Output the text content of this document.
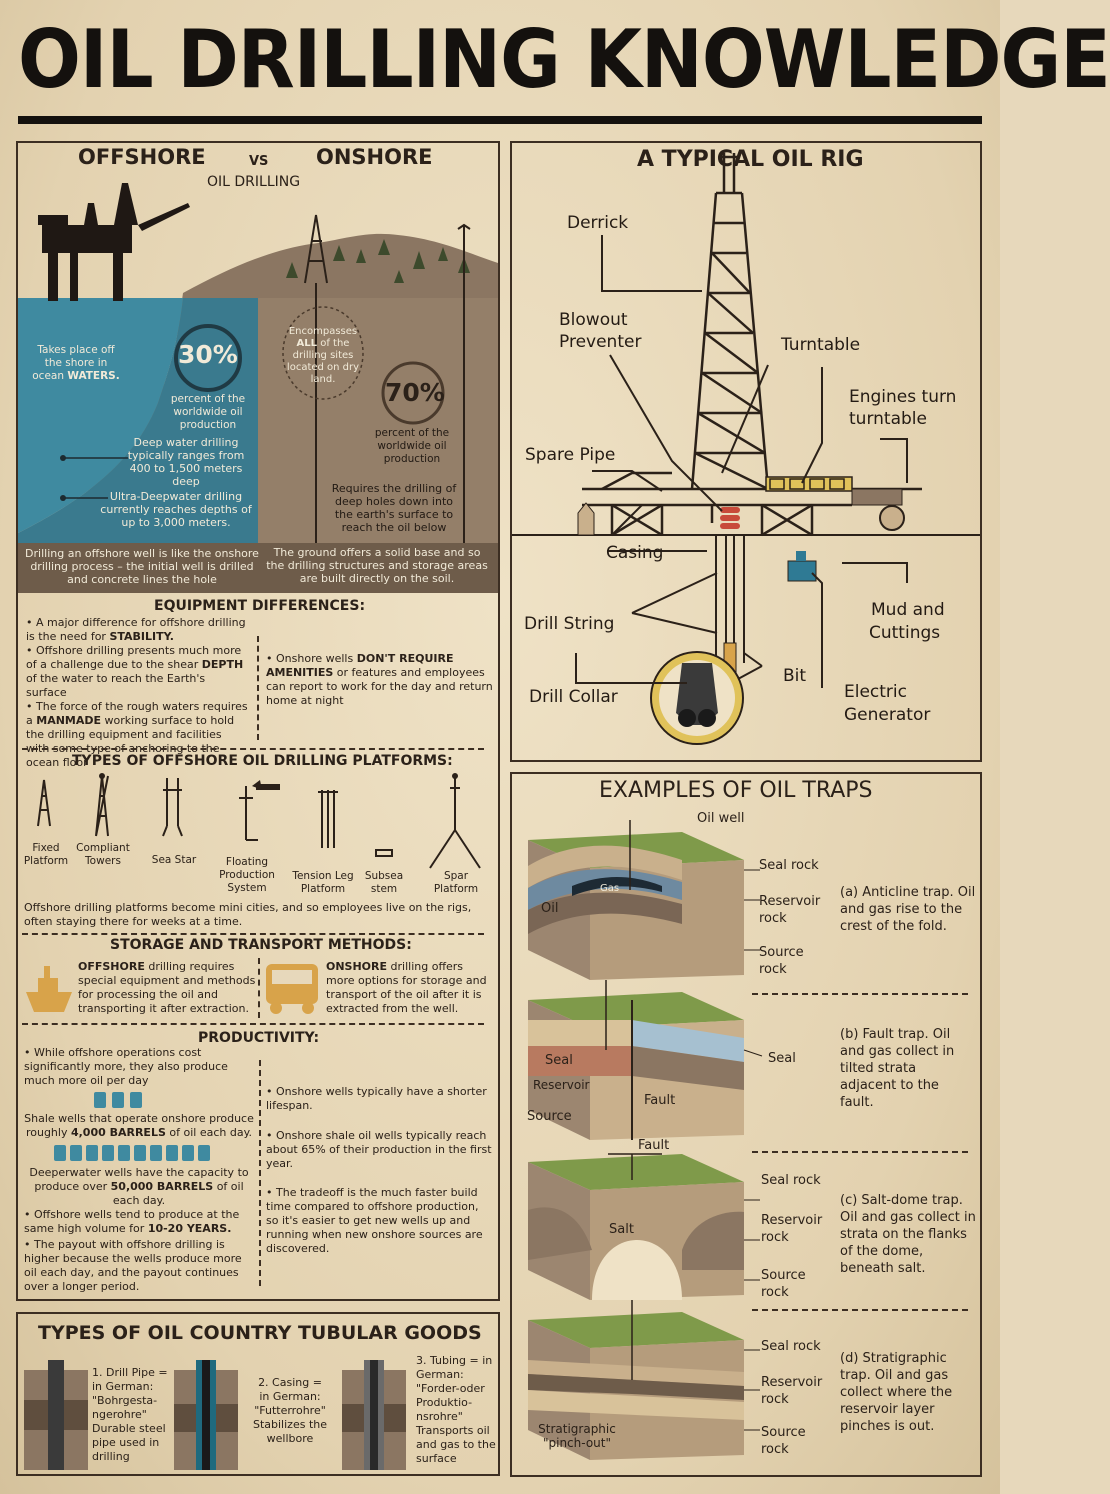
OIL DRILLING KNOWLEDGE
OFFSHORE	VS ONSHORE
OIL DRILLING
Takes place off the shore in ocean WATERS.
30%
percent of the worldwide oil production
Deep water drilling typically ranges from 400 to 1,500 meters deep
Ultra-Deepwater drilling currently reaches depths of up to 3,000 meters.
Encompasses ALL of the drilling sites located on dry land.	70%
percent of the worldwide oil production
Requires the drilling of deep holes down into the earth's surface to reach the oil below
Drilling an offshore well is like the onshore drilling process – the initial well is drilled and concrete lines the hole
The ground offers a solid base and so the drilling structures and storage areas are built directly on the soil.
EQUIPMENT DIFFERENCES:
• A major difference for offshore drilling is the need for STABILITY.
• Offshore drilling presents much more of a challenge due to the shear DEPTH of the water to reach the Earth's surface
• The force of the rough waters requires a MANMADE working surface to hold the drilling equipment and facilities with some type of anchoring to the ocean floor
• Onshore wells DON'T REQUIRE AMENITIES or features and employees can report to work for the day and return home at night
TYPES OF OFFSHORE OIL DRILLING PLATFORMS:
Fixed Platform
Compliant Towers	Sea Star	Floating Production System
Tension Leg Platform
Subsea stem
Spar Platform
Offshore drilling platforms become mini cities, and so employees live on the rigs, often staying there for weeks at a time.
STORAGE AND TRANSPORT METHODS:
OFFSHORE drilling requires special equipment and methods for processing the oil and transporting it after extraction.
ONSHORE drilling offers more options for storage and transport of the oil after it is extracted from the well.
PRODUCTIVITY:
• While offshore operations cost significantly more, they also produce much more oil per day
Shale wells that operate onshore produce roughly 4,000 BARRELS of oil each day.
Deeperwater wells have the capacity to produce over 50,000 BARRELS of oil each day.
• Offshore wells tend to produce at the same high volume for 10-20 YEARS.
• The payout with offshore drilling is higher because the wells produce more oil each day, and the payout continues over a longer period.
• Onshore wells typically have a shorter lifespan.
• Onshore shale oil wells typically reach about 65% of their production in the first year.
• The tradeoff is the much faster build time compared to offshore production, so it's easier to get new wells up and running when new onshore sources are discovered.
TYPES OF OIL COUNTRY TUBULAR GOODS
1. Drill Pipe = in German: "Bohrgesta-ngerohre" Durable steel pipe used in drilling
2. Casing = in German: "Futterrohre" Stabilizes the wellbore
3. Tubing = in German: "Forder-oder Produktio-nsrohre" Transports oil and gas to the surface
A TYPICAL OIL RIG
Derrick
Blowout
Preventer	Turntable
Engines turn
turntable
Spare Pipe
Casing
Drill String
Mud and
Cuttings
Bit
Drill Collar	Electric
Generator
EXAMPLES OF OIL TRAPS
Oil well
Gas
Oil
Seal rock
Reservoir rock
Source rock
(a) Anticline trap. Oil and gas rise to the crest of the fold.
Seal
Reservoir
Source
Fault
Seal
(b) Fault trap. Oil and gas collect in tilted strata adjacent to the fault.
Fault
Salt
Seal rock
Reservoir rock
Source rock
(c) Salt-dome trap. Oil and gas collect in strata on the flanks of the dome, beneath salt.
Seal rock
Reservoir rock
Source rock
Stratigraphic "pinch-out"
(d) Stratigraphic trap. Oil and gas collect where the reservoir layer pinches is out.
